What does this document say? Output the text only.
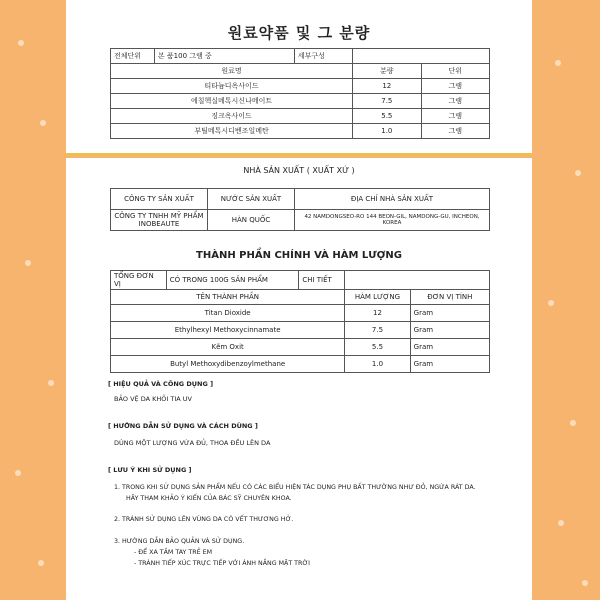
원료약품 및 그 분량
전체단위	본 품100 그램 중	세부구성		
원료명			분량	단위
티타늄디옥사이드			12	그램
에칠헥실메톡시신나메이트			7.5	그램
징크옥사이드			5.5	그램
부틸메톡시디벤조일메탄			1.0	그램
NHÀ SẢN XUẤT ( XUẤT XỨ )
CÔNG TY SẢN XUẤT	NƯỚC SẢN XUẤT	ĐỊA CHỈ NHÀ SẢN XUẤT
CÔNG TY TNHH MỸ PHẨM INOBEAUTE	HÀN QUỐC	42 NAMDONGSEO-RO 144 BEON-GIL, NAMDONG-GU, INCHEON, KOREA
THÀNH PHẦN CHÍNH VÀ HÀM LƯỢNG
TỔNG ĐƠN VỊ	CÓ TRONG 100G SẢN PHẨM	CHI TIẾT		
TÊN THÀNH PHẦN			HÀM LƯỢNG	ĐƠN VỊ TÍNH
Titan Dioxide			12	Gram
Ethylhexyl Methoxycinnamate			7.5	Gram
Kẽm Oxit			5.5	Gram
Butyl Methoxydibenzoylmethane			1.0	Gram
[ HIỆU QUẢ VÀ CÔNG DỤNG ]
BẢO VỆ DA KHỎI TIA UV
[ HƯỚNG DẪN SỬ DỤNG VÀ CÁCH DÙNG ]
DÙNG MỘT LƯỢNG VỪA ĐỦ, THOA ĐỀU LÊN DA
[ LƯU Ý KHI SỬ DỤNG ]
1. TRONG KHI SỬ DỤNG SẢN PHẨM NẾU CÓ CÁC BIỂU HIỆN TÁC DỤNG PHỤ BẤT THƯỜNG NHƯ ĐỎ, NGỨA RÁT DA.
HÃY THAM KHẢO Ý KIẾN CỦA BÁC SỸ CHUYÊN KHOA.
2. TRÁNH SỬ DỤNG LÊN VÙNG DA CÓ VẾT THƯƠNG HỞ.
3. HƯỚNG DẪN BẢO QUẢN VÀ SỬ DỤNG.
- ĐỂ XA TẦM TAY TRẺ EM
- TRÁNH TIẾP XÚC TRỰC TIẾP VỚI ÁNH NẮNG MẶT TRỜI
